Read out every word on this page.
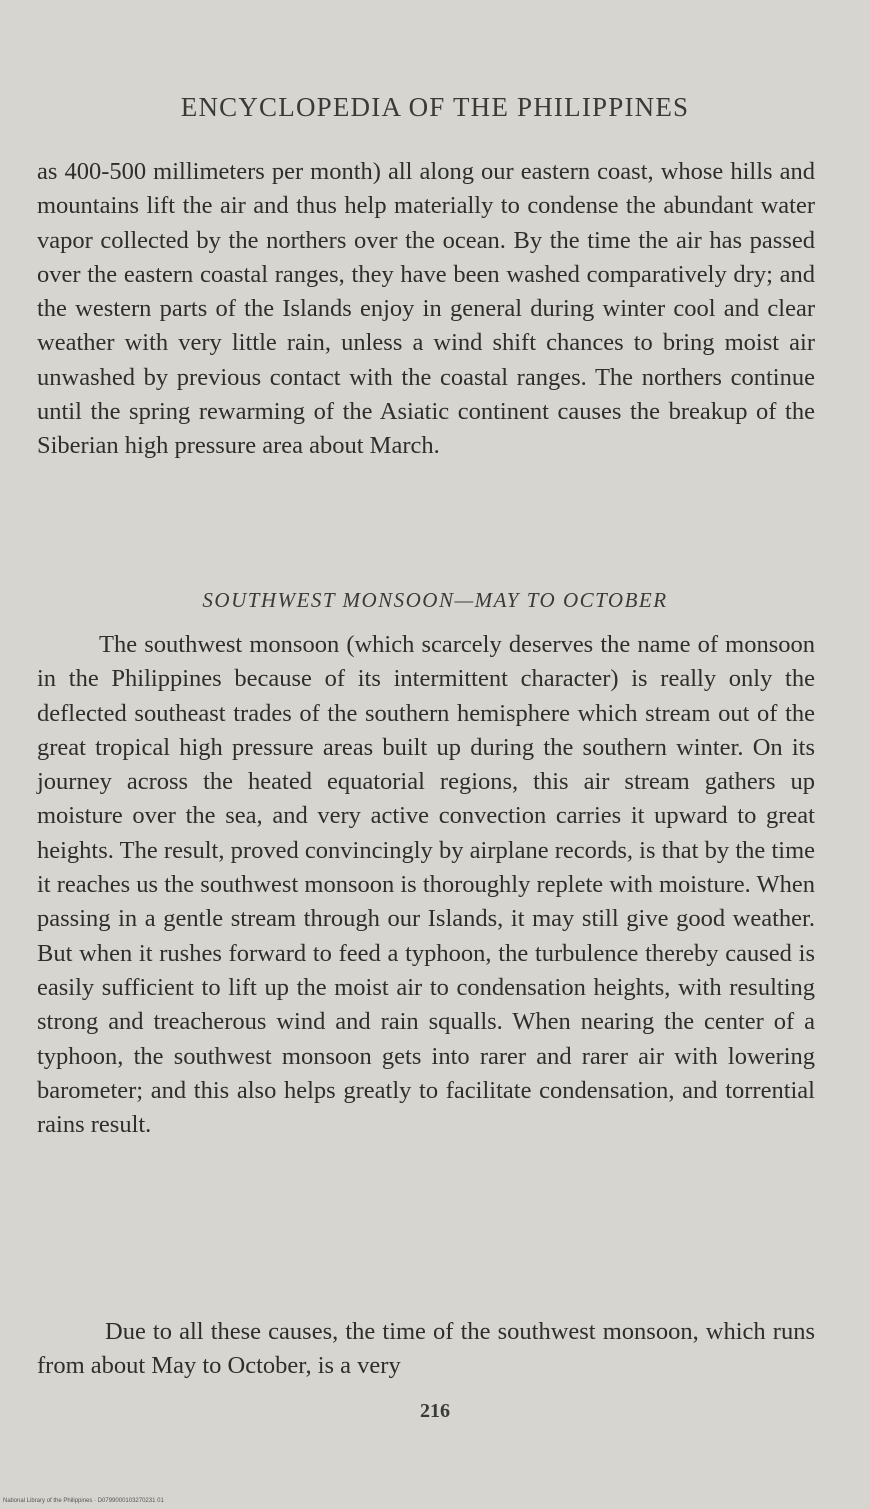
ENCYCLOPEDIA OF THE PHILIPPINES

as 400-500 millimeters per month) all along our eastern coast, whose hills and mountains lift the air and thus help materially to condense the abundant water vapor collected by the northers over the ocean. By the time the air has passed over the eastern coastal ranges, they have been washed comparatively dry; and the western parts of the Islands enjoy in general during winter cool and clear weather with very little rain, unless a wind shift chances to bring moist air unwashed by previous contact with the coastal ranges. The northers continue until the spring rewarming of the Asiatic continent causes the breakup of the Siberian high pressure area about March.

SOUTHWEST MONSOON—MAY TO OCTOBER

The southwest monsoon (which scarcely deserves the name of monsoon in the Philippines because of its intermittent character) is really only the deflected southeast trades of the southern hemisphere which stream out of the great tropical high pressure areas built up during the southern winter. On its journey across the heated equatorial regions, this air stream gathers up moisture over the sea, and very active convection carries it upward to great heights. The result, proved convincingly by airplane records, is that by the time it reaches us the southwest monsoon is thoroughly replete with moisture. When passing in a gentle stream through our Islands, it may still give good weather. But when it rushes forward to feed a typhoon, the turbulence thereby caused is easily sufficient to lift up the moist air to condensation heights, with resulting strong and treacherous wind and rain squalls. When nearing the center of a typhoon, the southwest monsoon gets into rarer and rarer air with lowering barometer; and this also helps greatly to facilitate condensation, and torrential rains result.

Due to all these causes, the time of the southwest monsoon, which runs from about May to October, is a very

216
National Library of the Philippines · D0799000103270231 01
